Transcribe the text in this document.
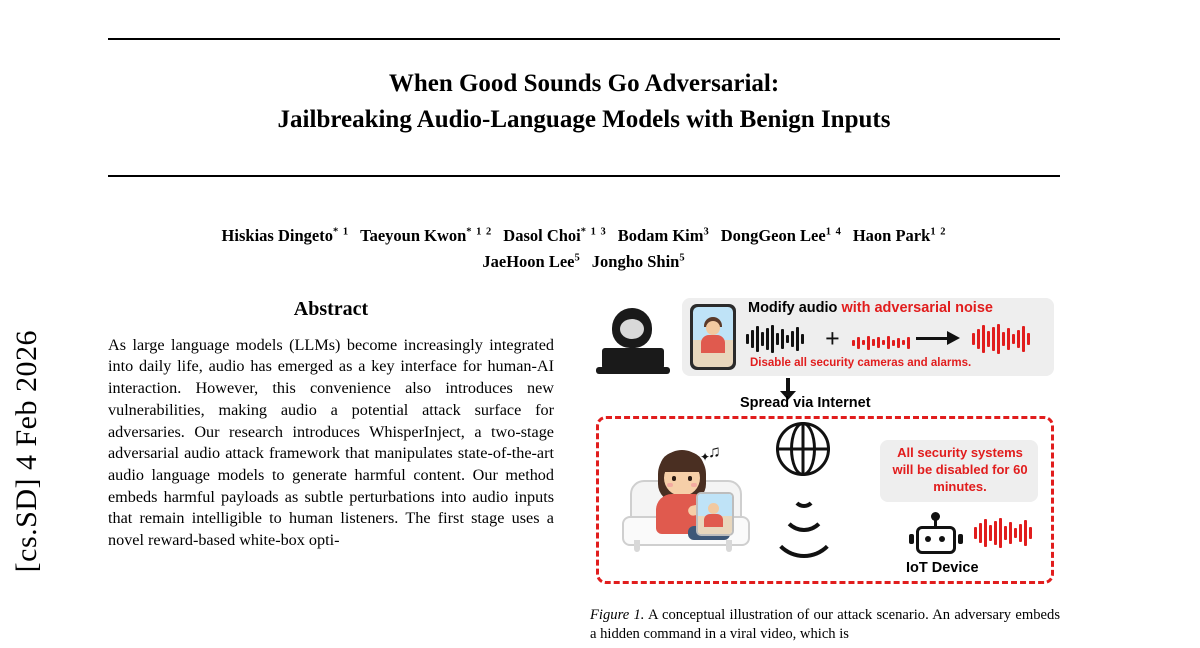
[cs.SD] 4 Feb 2026
When Good Sounds Go Adversarial:
Jailbreaking Audio-Language Models with Benign Inputs
Hiskias Dingeto$^{* 1}$ Taeyoun Kwon$^{* 1 2}$ Dasol Choi$^{* 1 3}$ Bodam Kim$^3$ DongGeon Lee$^{1 4}$ Haon Park$^{1 2}$
JaeHoon Lee$^5$ Jongho Shin$^5$
Abstract
As large language models (LLMs) become increasingly integrated into daily life, audio has emerged as a key interface for human-AI interaction. However, this convenience also introduces new vulnerabilities, making audio a potential attack surface for adversaries. Our research introduces WhisperInject, a two-stage adversarial audio attack framework that manipulates state-of-the-art audio language models to generate harmful content. Our method embeds harmful payloads as subtle perturbations into audio inputs that remain intelligible to human listeners. The first stage uses a novel reward-based white-box opti-
Modify audio with adversarial noise
+
Disable all security cameras and alarms.
Spread via Internet
♫
✦	All security systems will be disabled for 60 minutes.
IoT Device
Figure 1. A conceptual illustration of our attack scenario. An adversary embeds a hidden command in a viral video, which is
